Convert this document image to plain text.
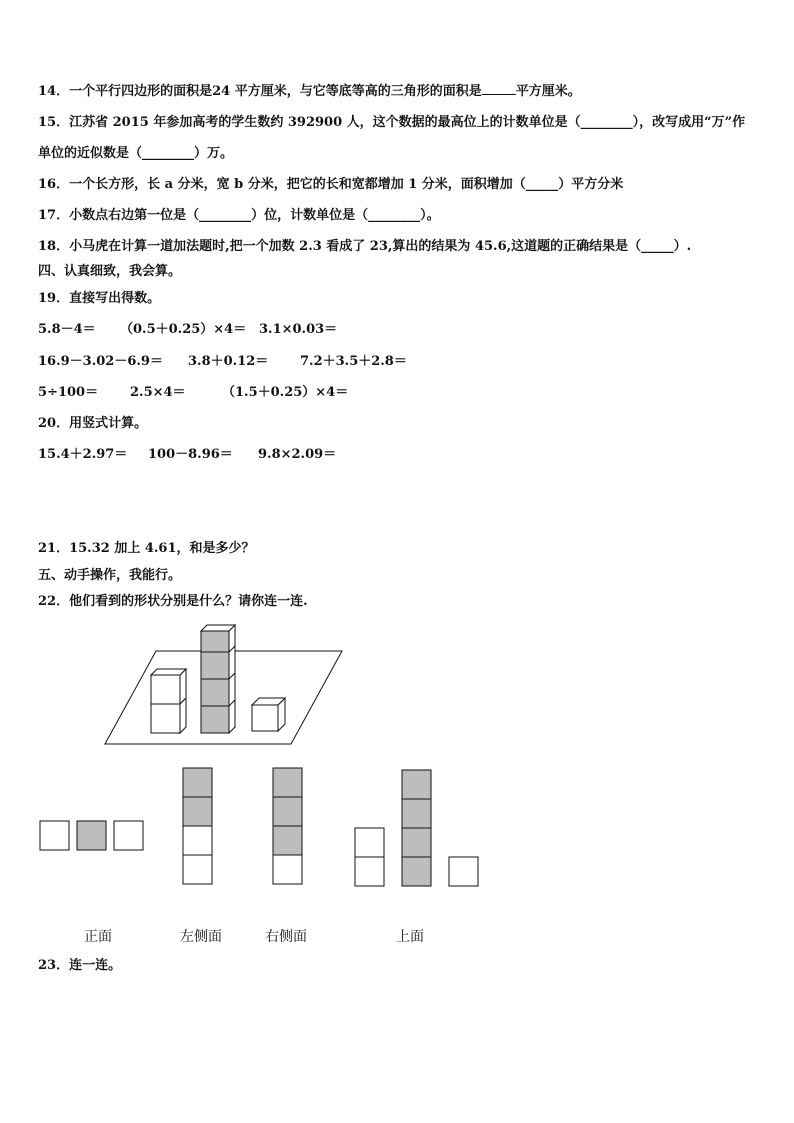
14．一个平行四边形的面积是24 平方厘米，与它等底等高的三角形的面积是	平方厘米。
15．江苏省 2015 年参加高考的学生数约 392900 人，这个数据的最高位上的计数单位是（________），改写成用“万”作
单位的近似数是（________）万。
16．一个长方形，长 a 分米，宽 b 分米，把它的长和宽都增加 1 分米，面积增加（_____）平方分米
17．小数点右边第一位是（________）位，计数单位是（________）。
18．小马虎在计算一道加法题时,把一个加数 2.3 看成了 23,算出的结果为 45.6,这道题的正确结果是（_____）.
四、认真细致，我会算。
19．直接写出得数。
5.8－4＝ （0.5＋0.25）×4＝ 3.1×0.03＝
16.9－3.02－6.9＝ 3.8＋0.12＝ 7.2＋3.5＋2.8＝
5÷100＝ 2.5×4＝	（1.5＋0.25）×4＝
20．用竖式计算。
15.4＋2.97＝ 100－8.96＝ 9.8×2.09＝
21．15.32 加上 4.61，和是多少？
五、动手操作，我能行。
22．他们看到的形状分别是什么？请你连一连.
正面	左侧面	右侧面	上面
23．连一连。
